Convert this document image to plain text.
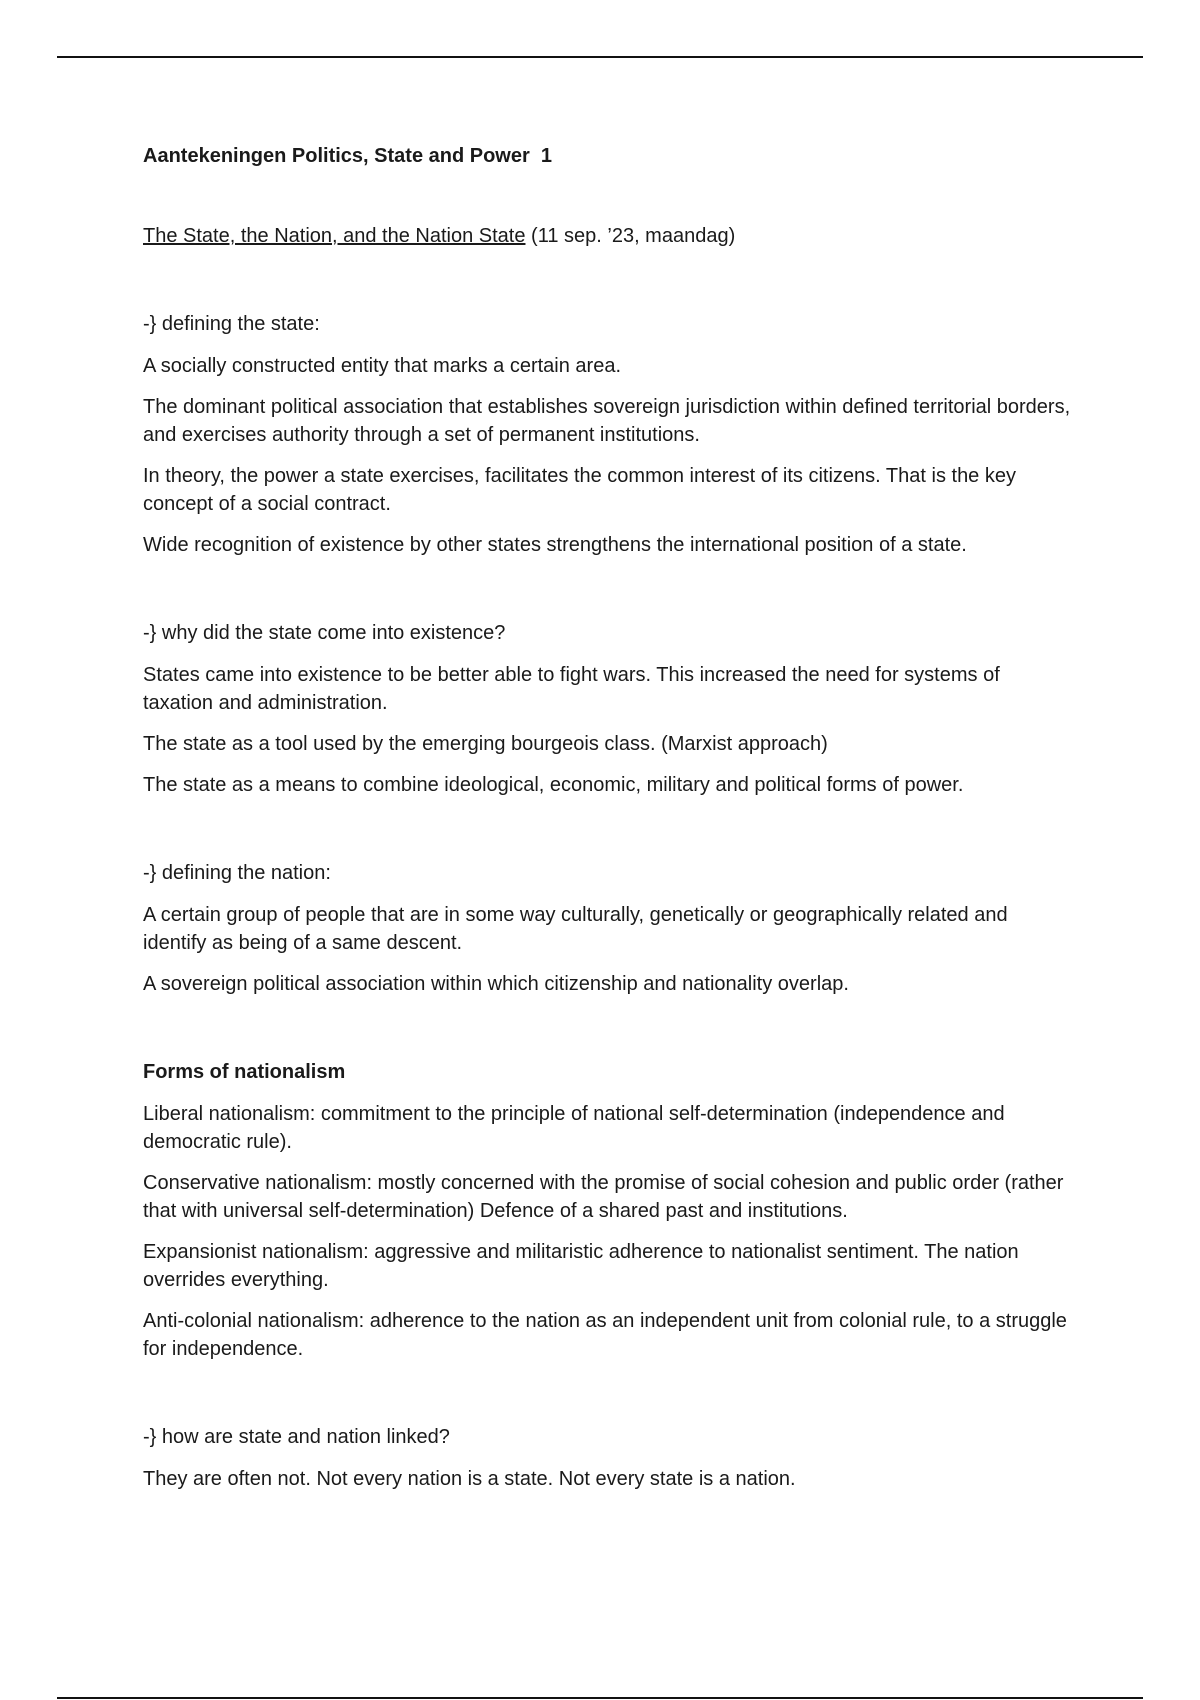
Aantekeningen Politics, State and Power  1
The State, the Nation, and the Nation State (11 sep. ’23, maandag)
-} defining the state:

A socially constructed entity that marks a certain area.

The dominant political association that establishes sovereign jurisdiction within defined territorial borders, and exercises authority through a set of permanent institutions.

In theory, the power a state exercises, facilitates the common interest of its citizens. That is the key concept of a social contract.

Wide recognition of existence by other states strengthens the international position of a state.

-} why did the state come into existence?

States came into existence to be better able to fight wars. This increased the need for systems of taxation and administration.

The state as a tool used by the emerging bourgeois class. (Marxist approach)

The state as a means to combine ideological, economic, military and political forms of power.

-} defining the nation:

A certain group of people that are in some way culturally, genetically or geographically related and identify as being of a same descent.

A sovereign political association within which citizenship and nationality overlap.

Forms of nationalism

Liberal nationalism: commitment to the principle of national self-determination (independence and democratic rule).

Conservative nationalism: mostly concerned with the promise of social cohesion and public order (rather that with universal self-determination) Defence of a shared past and institutions.

Expansionist nationalism: aggressive and militaristic adherence to nationalist sentiment. The nation overrides everything.

Anti-colonial nationalism: adherence to the nation as an independent unit from colonial rule, to a struggle for independence.

-} how are state and nation linked?

They are often not. Not every nation is a state. Not every state is a nation.
